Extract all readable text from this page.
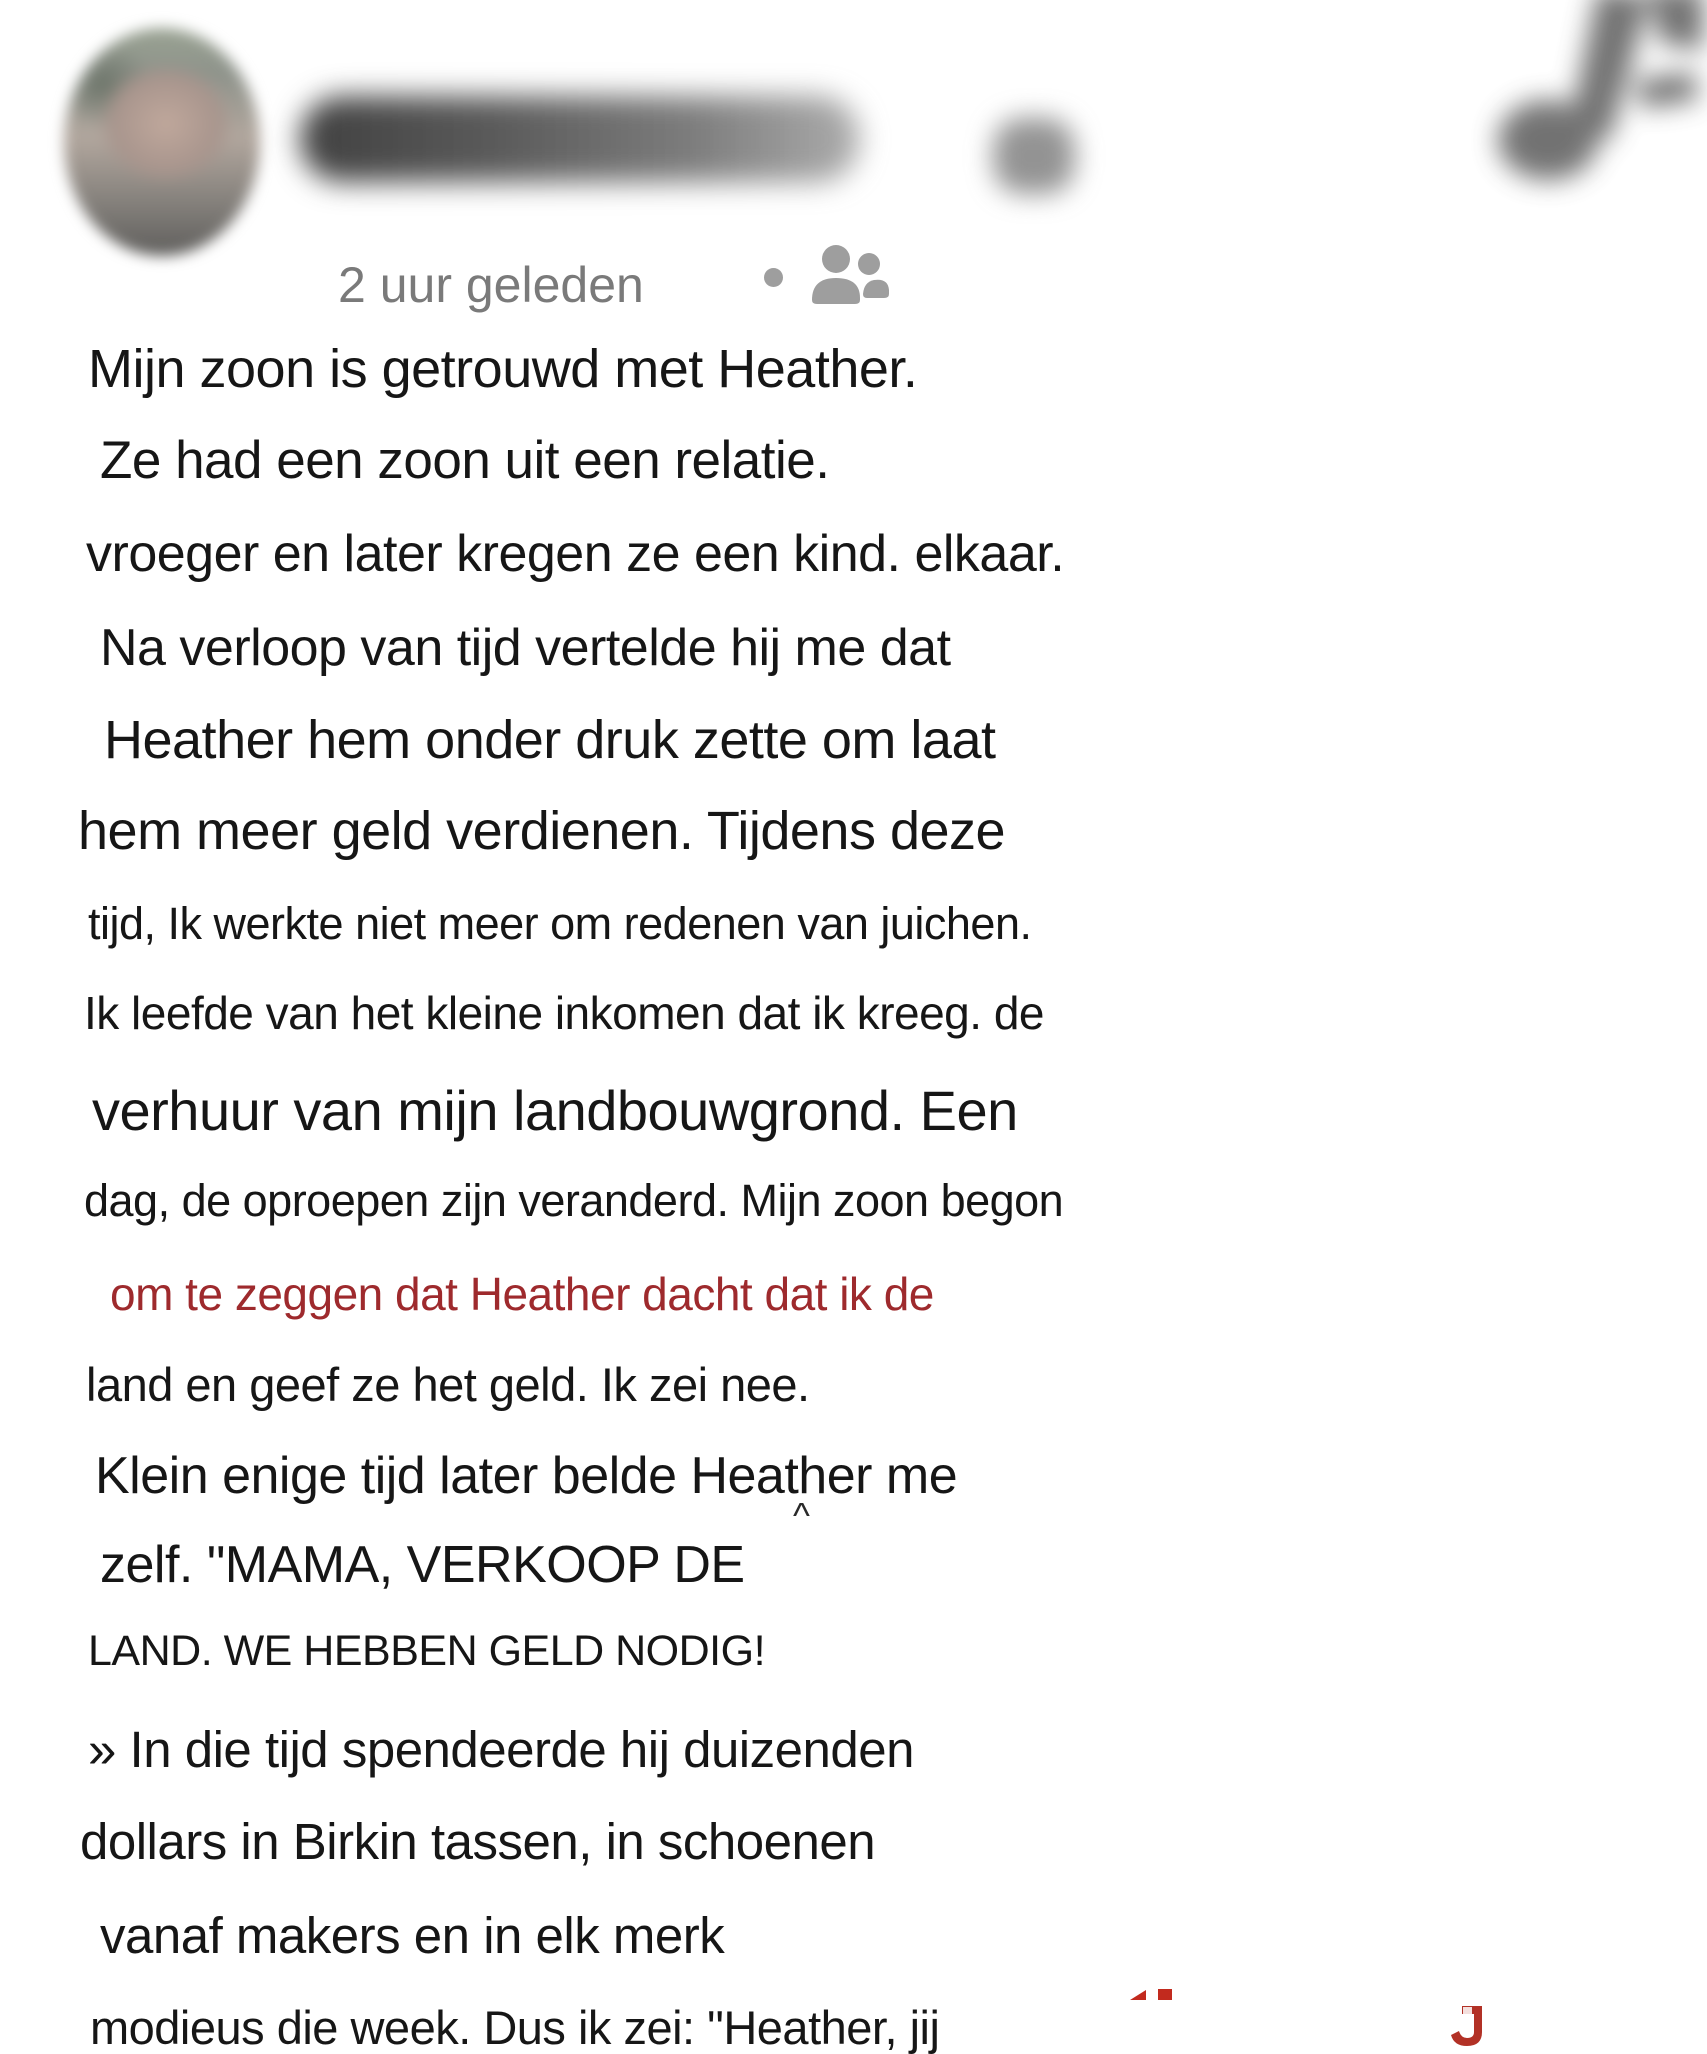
2 uur geleden
Mijn zoon is getrouwd met Heather.
Ze had een zoon uit een relatie.
vroeger en later kregen ze een kind. elkaar.
Na verloop van tijd vertelde hij me dat
Heather hem onder druk zette om laat
hem meer geld verdienen. Tijdens deze
tijd, Ik werkte niet meer om redenen van juichen.
Ik leefde van het kleine inkomen dat ik kreeg. de
verhuur van mijn landbouwgrond. Een
dag, de oproepen zijn veranderd. Mijn zoon begon
om te zeggen dat Heather dacht dat ik de
land en geef ze het geld. Ik zei nee.
Klein enige tijd later belde Heather me
zelf. "MAMA, VERKOOP DE
LAND. WE HEBBEN GELD NODIG!
» In die tijd spendeerde hij duizenden
dollars in Birkin tassen, in schoenen
vanaf makers en in elk merk
modieus die week. Dus ik zei: "Heather, jij
^
